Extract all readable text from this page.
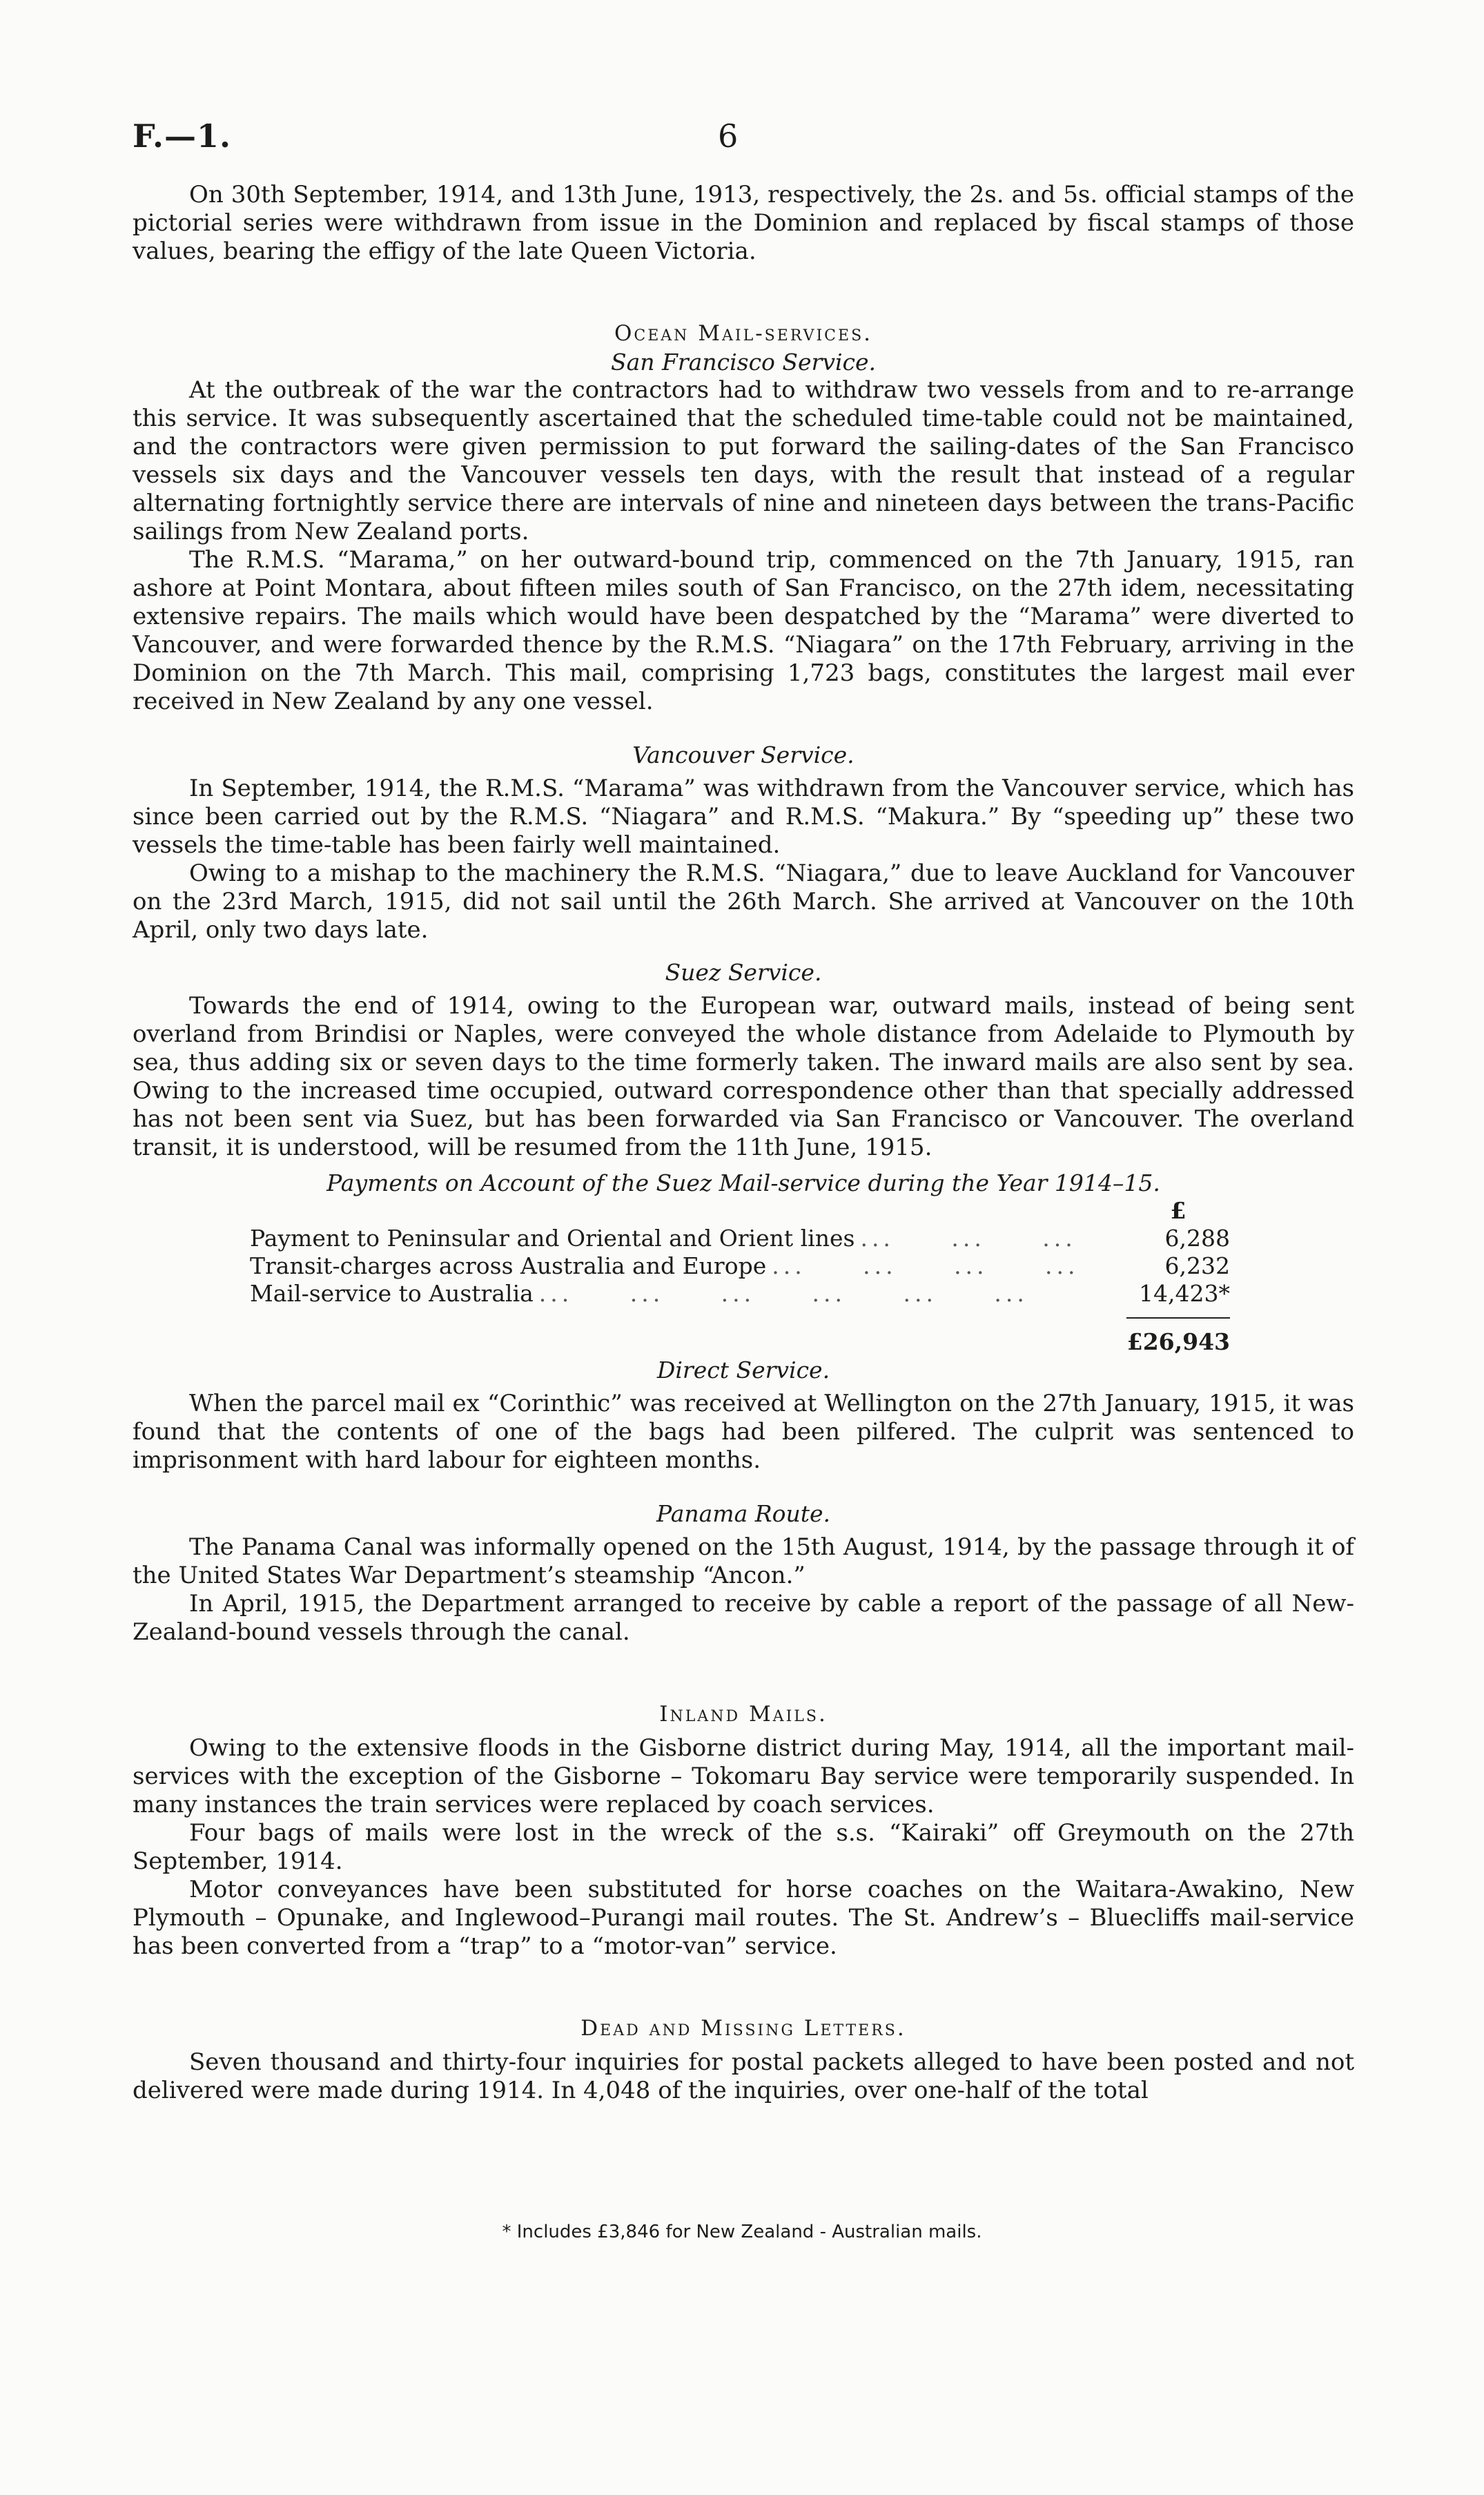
F.—1.	6

On 30th September, 1914, and 13th June, 1913, respectively, the 2s. and 5s. official stamps of the pictorial series were withdrawn from issue in the Dominion and replaced by fiscal stamps of those values, bearing the effigy of the late Queen Victoria.

Ocean Mail-services.
San Francisco Service.

At the outbreak of the war the contractors had to withdraw two vessels from and to re-arrange this service. It was subsequently ascertained that the scheduled time-table could not be maintained, and the contractors were given permission to put forward the sailing-dates of the San Francisco vessels six days and the Vancouver vessels ten days, with the result that instead of a regular alternating fortnightly service there are intervals of nine and nineteen days between the trans-Pacific sailings from New Zealand ports.

The R.M.S. “Marama,” on her outward-bound trip, commenced on the 7th January, 1915, ran ashore at Point Montara, about fifteen miles south of San Francisco, on the 27th idem, necessitating extensive repairs. The mails which would have been despatched by the “Marama” were diverted to Vancouver, and were forwarded thence by the R.M.S. “Niagara” on the 17th February, arriving in the Dominion on the 7th March. This mail, comprising 1,723 bags, constitutes the largest mail ever received in New Zealand by any one vessel.

Vancouver Service.

In September, 1914, the R.M.S. “Marama” was withdrawn from the Vancouver service, which has since been carried out by the R.M.S. “Niagara” and R.M.S. “Makura.” By “speeding up” these two vessels the time-table has been fairly well maintained.

Owing to a mishap to the machinery the R.M.S. “Niagara,” due to leave Auckland for Vancouver on the 23rd March, 1915, did not sail until the 26th March. She arrived at Vancouver on the 10th April, only two days late.

Suez Service.

Towards the end of 1914, owing to the European war, outward mails, instead of being sent overland from Brindisi or Naples, were conveyed the whole distance from Adelaide to Plymouth by sea, thus adding six or seven days to the time formerly taken. The inward mails are also sent by sea. Owing to the increased time occupied, outward correspondence other than that specially addressed has not been sent via Suez, but has been forwarded via San Francisco or Vancouver. The overland transit, it is understood, will be resumed from the 11th June, 1915.

Payments on Account of the Suez Mail-service during the Year 1914–15.
£
Payment to Peninsular and Oriental and Orient lines ...     ...     ...	6,288
Transit-charges across Australia and Europe ...     ...     ...     ...	6,232
Mail-service to Australia ...     ...     ...     ...     ...     ...	14,423*
£26,943
Direct Service.

When the parcel mail ex “Corinthic” was received at Wellington on the 27th January, 1915, it was found that the contents of one of the bags had been pilfered. The culprit was sentenced to imprisonment with hard labour for eighteen months.

Panama Route.

The Panama Canal was informally opened on the 15th August, 1914, by the passage through it of the United States War Department’s steamship “Ancon.”

In April, 1915, the Department arranged to receive by cable a report of the passage of all New-Zealand-bound vessels through the canal.

Inland Mails.

Owing to the extensive floods in the Gisborne district during May, 1914, all the important mail-services with the exception of the Gisborne – Tokomaru Bay service were temporarily suspended. In many instances the train services were replaced by coach services.

Four bags of mails were lost in the wreck of the s.s. “Kairaki” off Greymouth on the 27th September, 1914.

Motor conveyances have been substituted for horse coaches on the Waitara-Awakino, New Plymouth – Opunake, and Inglewood–Purangi mail routes. The St. Andrew’s – Bluecliffs mail-service has been converted from a “trap” to a “motor-van” service.

Dead and Missing Letters.

Seven thousand and thirty-four inquiries for postal packets alleged to have been posted and not delivered were made during 1914. In 4,048 of the inquiries, over one-half of the total

* Includes £3,846 for New Zealand - Australian mails.
